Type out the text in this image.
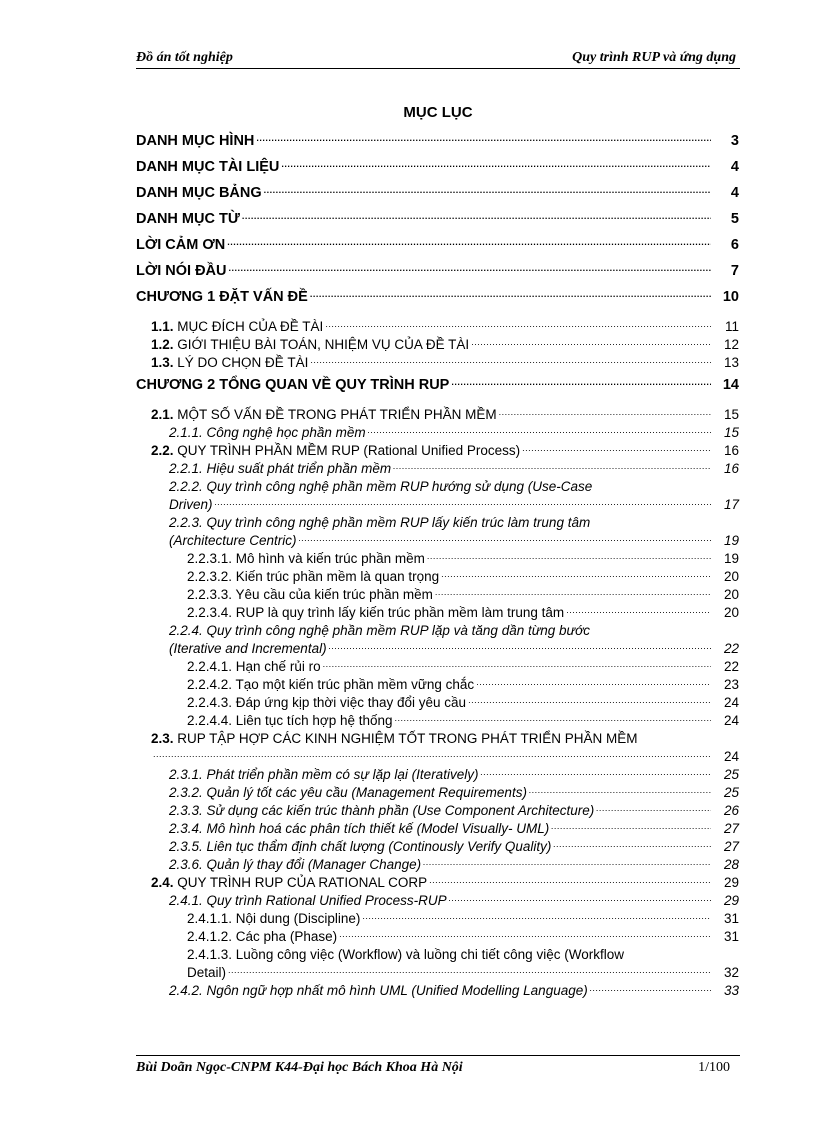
Đồ án tốt nghiệp	Quy trình RUP và ứng dụng
MỤC LỤC
DANH MỤC HÌNH .....	3
DANH MỤC TÀI LIỆU .....	4
DANH MỤC BẢNG .....	4
DANH MỤC TỪ .....	5
LỜI CẢM ƠN .....	6
LỜI NÓI ĐẦU .....	7
CHƯƠNG 1 ĐẶT VẤN ĐỀ .....	10
1.1. MỤC ĐÍCH CỦA ĐỀ TÀI .....	11
1.2. GIỚI THIỆU BÀI TOÁN, NHIỆM VỤ CỦA ĐỀ TÀI .....	12
1.3. LÝ DO CHỌN ĐỀ TÀI .....	13
CHƯƠNG 2 TỔNG QUAN VỀ QUY TRÌNH RUP .....	14
2.1. MỘT SỐ VẤN ĐỀ TRONG PHÁT TRIỂN PHẦN MỀM .....	15
2.1.1. Công nghệ học phần mềm .....	15
2.2. QUY TRÌNH PHẦN MỀM RUP (Rational Unified Process) .....	16
2.2.1. Hiệu suất phát triển phần mềm .....	16
2.2.2. Quy trình công nghệ phần mềm RUP hướng sử dụng (Use-Case
Driven) .....	17
2.2.3. Quy trình công nghệ phần mềm RUP lấy kiến trúc làm trung tâm
(Architecture Centric) .....	19
2.2.3.1. Mô hình và kiến trúc phần mềm .....	19
2.2.3.2. Kiến trúc phần mềm là quan trọng .....	20
2.2.3.3. Yêu cầu của kiến trúc phần mềm .....	20
2.2.3.4. RUP là quy trình lấy kiến trúc phần mềm làm trung tâm .....	20
2.2.4. Quy trình công nghệ phần mềm RUP lặp và tăng dần từng bước
(Iterative and Incremental) .....	22
2.2.4.1. Hạn chế rủi ro .....	22
2.2.4.2. Tạo một kiến trúc phần mềm vững chắc .....	23
2.2.4.3. Đáp ứng kịp thời việc thay đổi yêu cầu .....	24
2.2.4.4. Liên tục tích hợp hệ thống .....	24
2.3. RUP TẬP HỢP CÁC KINH NGHIỆM TỐT TRONG PHÁT TRIỂN PHẦN MỀM
.....
24
2.3.1. Phát triển phần mềm có sự lặp lại (Iteratively) .....	25
2.3.2. Quản lý tốt các yêu cầu (Management Requirements) .....	25
2.3.3. Sử dụng các kiến trúc thành phần (Use Component Architecture) .....	26
2.3.4. Mô hình hoá các phân tích thiết kế (Model Visually- UML) .....	27
2.3.5. Liên tục thẩm định chất lượng (Continously Verify Quality) .....	27
2.3.6. Quản lý thay đổi (Manager Change) .....	28
2.4. QUY TRÌNH RUP CỦA RATIONAL CORP .....	29
2.4.1. Quy trình Rational Unified Process-RUP .....	29
2.4.1.1. Nội dung (Discipline) .....	31
2.4.1.2. Các pha (Phase) .....	31
2.4.1.3. Luồng công việc (Workflow) và luồng chi tiết công việc (Workflow
Detail) .....	32
2.4.2. Ngôn ngữ hợp nhất mô hình UML (Unified Modelling Language) .....	33
Bùi Doãn Ngọc-CNPM K44-Đại học Bách Khoa Hà Nội	1/100
